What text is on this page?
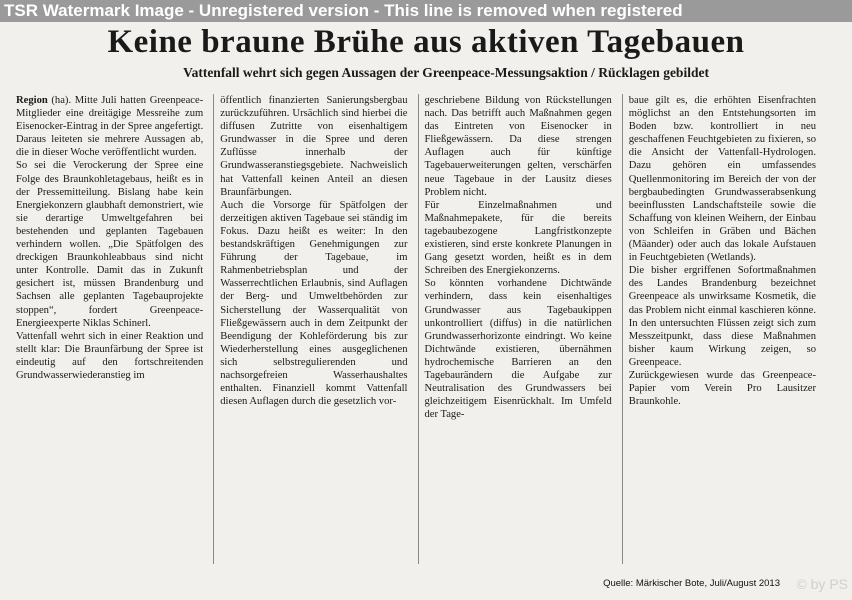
TSR Watermark Image - Unregistered version - This line is removed when registered
Keine braune Brühe aus aktiven Tagebauen
Vattenfall wehrt sich gegen Aussagen der Greenpeace-Messungsaktion / Rücklagen gebildet

Region (ha). Mitte Juli hatten Greenpeace-Mitglieder eine dreitägige Messreihe zum Eisenocker-Eintrag in der Spree angefertigt. Daraus leiteten sie mehrere Aussagen ab, die in dieser Woche veröffentlicht wurden.

So sei die Verockerung der Spree eine Folge des Braunkohletagebaus, heißt es in der Pressemitteilung. Bislang habe kein Energiekonzern glaubhaft demonstriert, wie sie derartige Umweltgefahren bei bestehenden und geplanten Tagebauen verhindern wollen. „Die Spätfolgen des dreckigen Braunkohleabbaus sind nicht unter Kontrolle. Damit das in Zukunft gesichert ist, müssen Brandenburg und Sachsen alle geplanten Tagebauprojekte stoppen“, fordert Greenpeace-Energieexperte Niklas Schinerl.

Vattenfall wehrt sich in einer Reaktion und stellt klar: Die Braunfärbung der Spree ist eindeutig auf den fortschreitenden Grundwasserwiederanstieg im

öffentlich finanzierten Sanierungsbergbau zurückzuführen. Ursächlich sind hierbei die diffusen Zutritte von eisenhaltigem Grundwasser in die Spree und deren Zuflüsse innerhalb der Grundwasseranstiegsgebiete. Nachweislich hat Vattenfall keinen Anteil an diesen Braunfärbungen.

Auch die Vorsorge für Spätfolgen der derzeitigen aktiven Tagebaue sei ständig im Fokus. Dazu heißt es weiter: In den bestandskräftigen Genehmigungen zur Führung der Tagebaue, im Rahmenbetriebsplan und der Wasserrechtlichen Erlaubnis, sind Auflagen der Berg- und Umweltbehörden zur Sicherstellung der Wasserqualität von Fließgewässern auch in dem Zeitpunkt der Beendigung der Kohleförderung bis zur Wiederherstellung eines ausgeglichenen sich selbstregulierenden und nachsorgefreien Wasserhaushaltes enthalten. Finanziell kommt Vattenfall diesen Auflagen durch die gesetzlich vor-

geschriebene Bildung von Rückstellungen nach. Das betrifft auch Maßnahmen gegen das Eintreten von Eisenocker in Fließgewässern. Da diese strengen Auflagen auch für künftige Tagebauerweiterungen gelten, verschärfen neue Tagebaue in der Lausitz dieses Problem nicht.

Für Einzelmaßnahmen und Maßnahmepakete, für die bereits tagebaubezogene Langfristkonzepte existieren, sind erste konkrete Planungen in Gang gesetzt worden, heißt es in dem Schreiben des Energiekonzerns.

So könnten vorhandene Dichtwände verhindern, dass kein eisenhaltiges Grundwasser aus Tagebaukippen unkontrolliert (diffus) in die natürlichen Grundwasserhorizonte eindringt. Wo keine Dichtwände existieren, übernähmen hydrochemische Barrieren an den Tagebaurändern die Aufgabe zur Neutralisation des Grundwassers bei gleichzeitigem Eisenrückhalt. Im Umfeld der Tage-

baue gilt es, die erhöhten Eisenfrachten möglichst an den Entstehungsorten im Boden bzw. kontrolliert in neu geschaffenen Feuchtgebieten zu fixieren, so die Ansicht der Vattenfall-Hydrologen. Dazu gehören ein umfassendes Quellenmonitoring im Bereich der von der bergbaubedingten Grundwasserabsenkung beeinflussten Landschaftsteile sowie die Schaffung von kleinen Weihern, der Einbau von Schleifen in Gräben und Bächen (Mäander) oder auch das lokale Aufstauen in Feuchtgebieten (Wetlands).

Die bisher ergriffenen Sofortmaßnahmen des Landes Brandenburg bezeichnet Greenpeace als unwirksame Kosmetik, die das Problem nicht einmal kaschieren könne. In den untersuchten Flüssen zeigt sich zum Messzeitpunkt, dass diese Maßnahmen bisher kaum Wirkung zeigen, so Greenpeace.

Zurückgewiesen wurde das Greenpeace-Papier vom Verein Pro Lausitzer Braunkohle.

Quelle: Märkischer Bote, Juli/August 2013 © by PS
